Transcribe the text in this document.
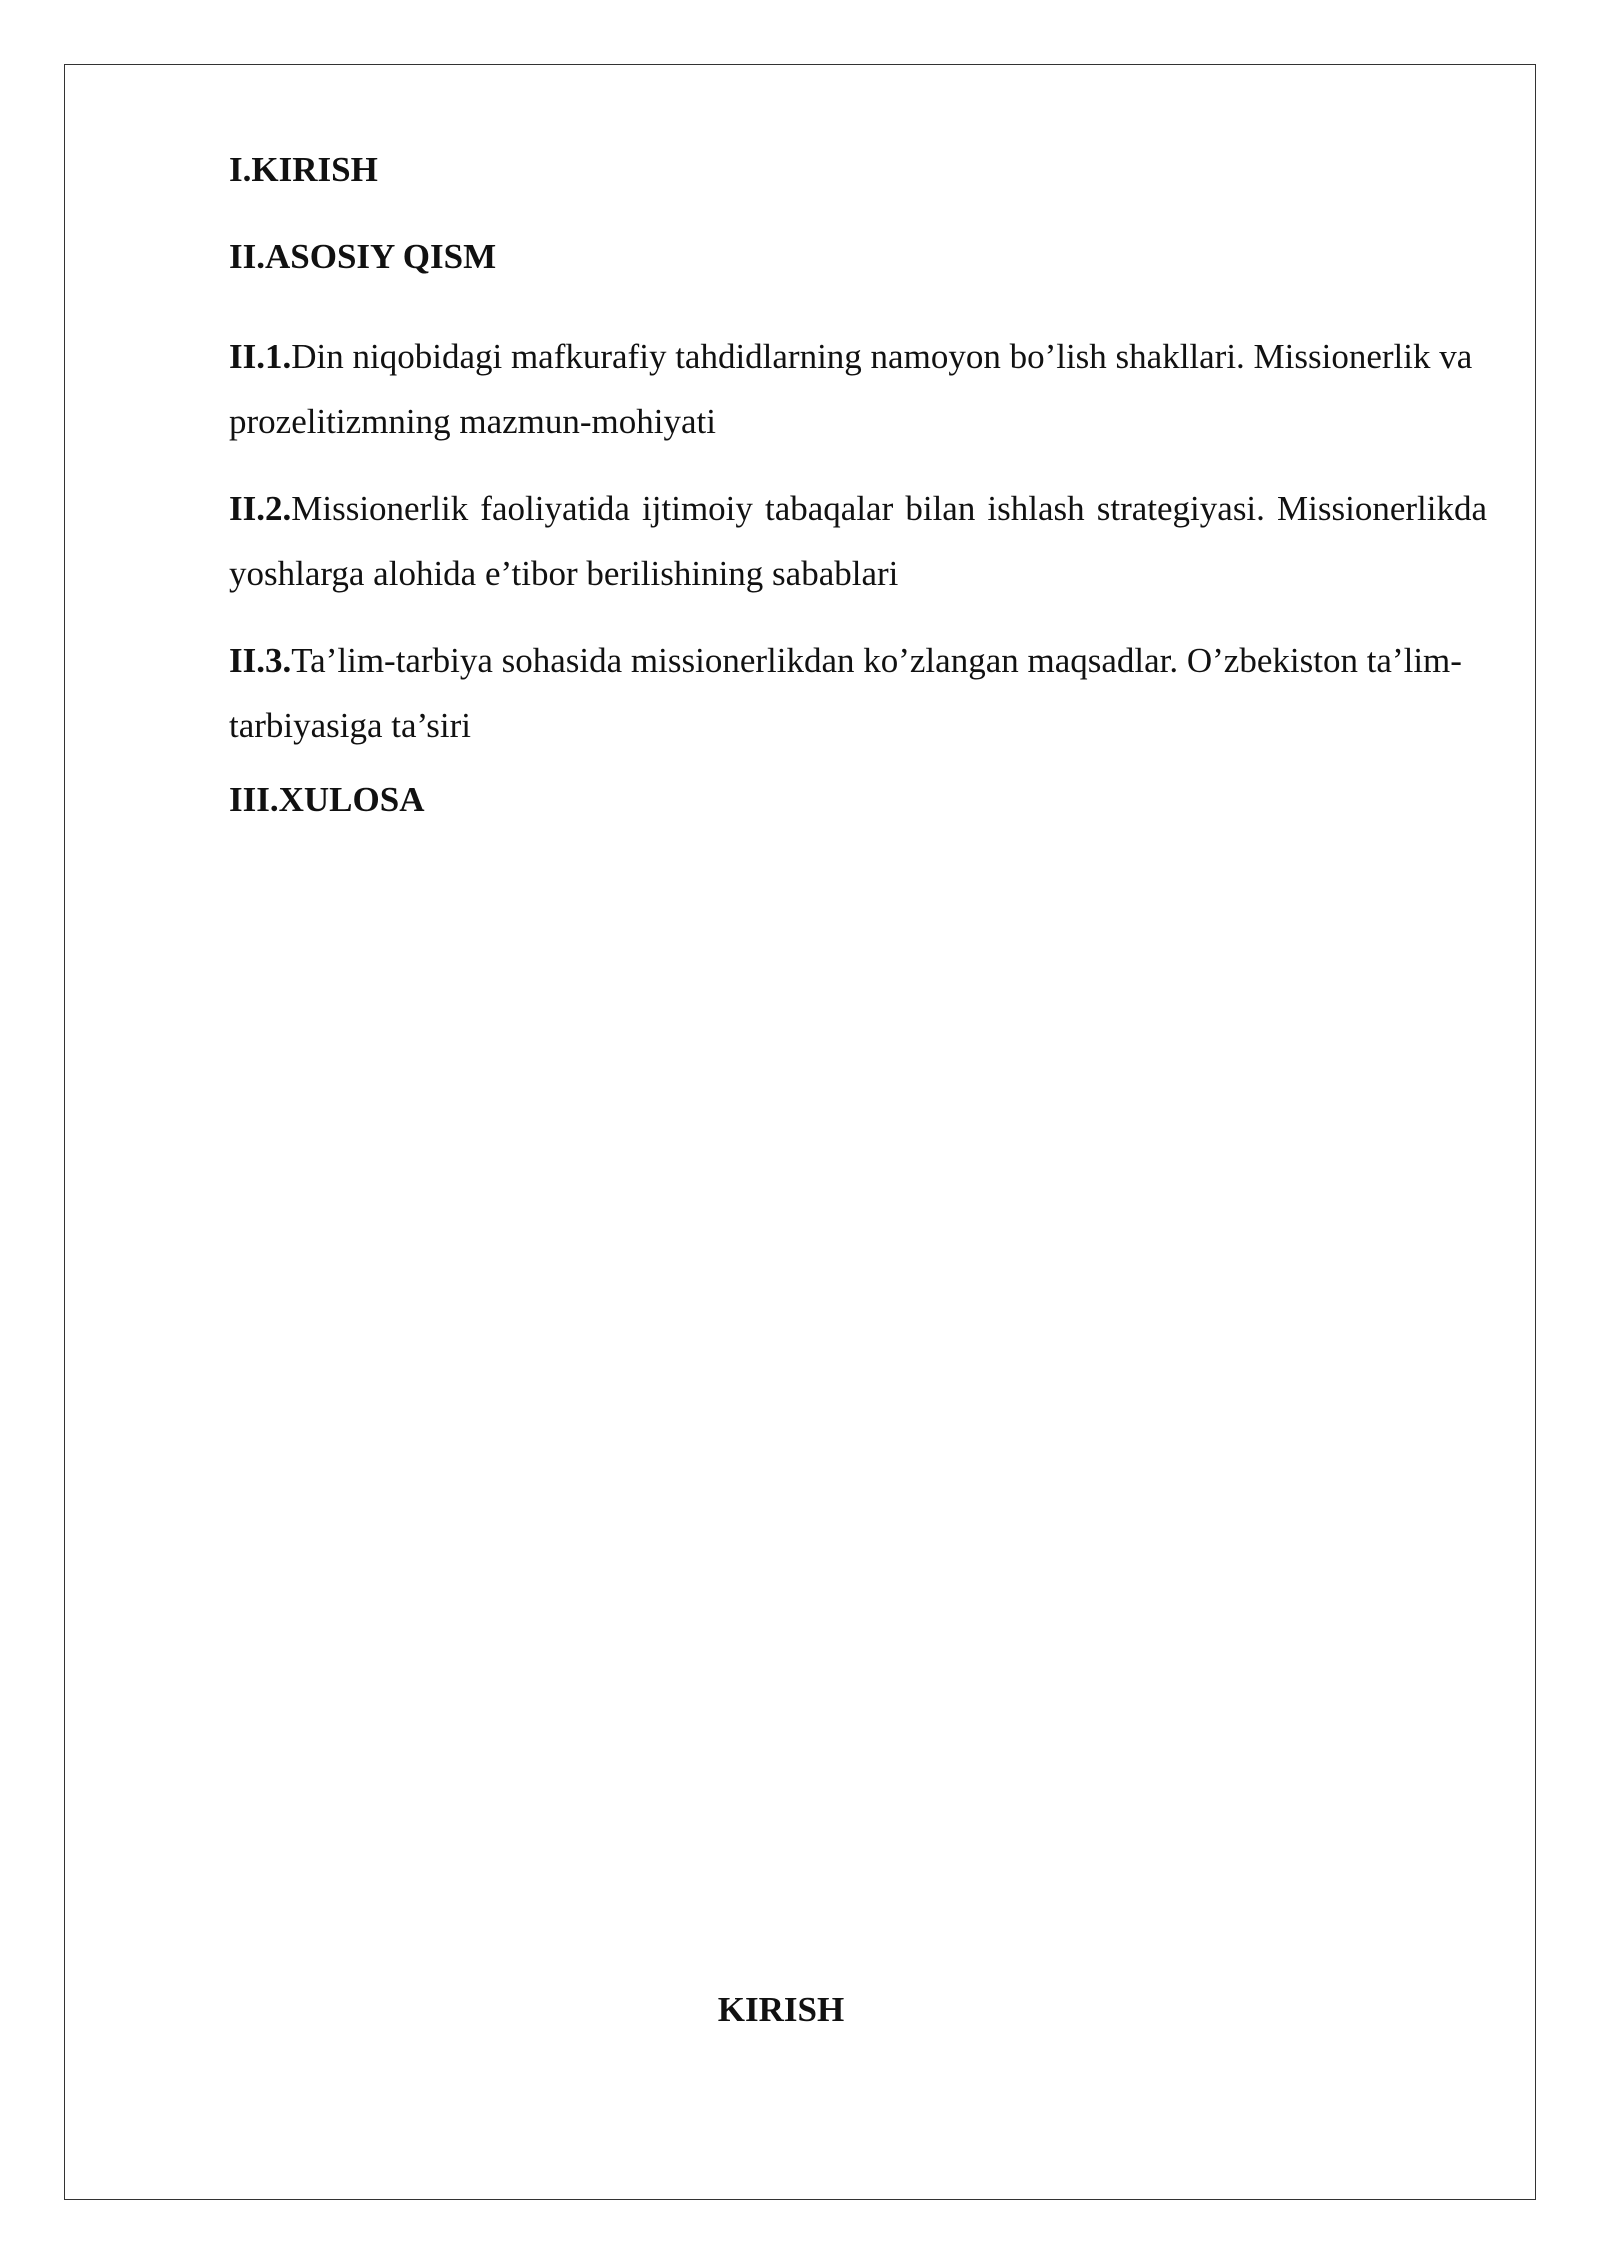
I.KIRISH
II.ASOSIY QISM
II.1.Din niqobidagi mafkurafiy tahdidlarning namoyon bo’lish shakllari. Missionerlik va prozelitizmning mazmun-mohiyati
II.2.Missionerlik faoliyatida ijtimoiy tabaqalar bilan ishlash strategiyasi. Missionerlikda yoshlarga alohida e’tibor berilishining sabablari
II.3.Ta’lim-tarbiya sohasida missionerlikdan ko’zlangan maqsadlar. O’zbekiston ta’lim-tarbiyasiga ta’siri
III.XULOSA
KIRISH
